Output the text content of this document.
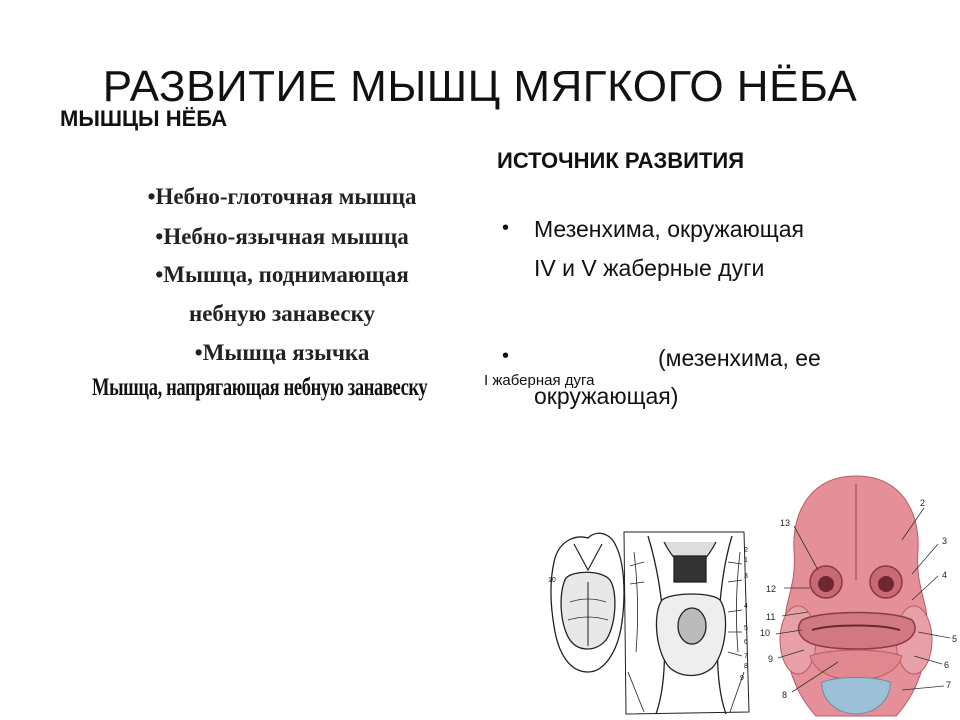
РАЗВИТИЕ МЫШЦ МЯГКОГО НЁБА
МЫШЦЫ НЁБА
ИСТОЧНИК РАЗВИТИЯ
•Небно-глоточная мышца
•Небно-язычная мышца
•Мышца, поднимающая
небную занавеску
•Мышца язычка
Мышца, напрягающая небную занавеску
• Мезенхима, окружающая
IV и V жаберные дуги
•	(мезенхима, ее
окружающая)
I жаберная дуга
1
2
3
4
5
6
7
8
9
10
13
2
3
12
4
11
10
5
9
6
8
7
